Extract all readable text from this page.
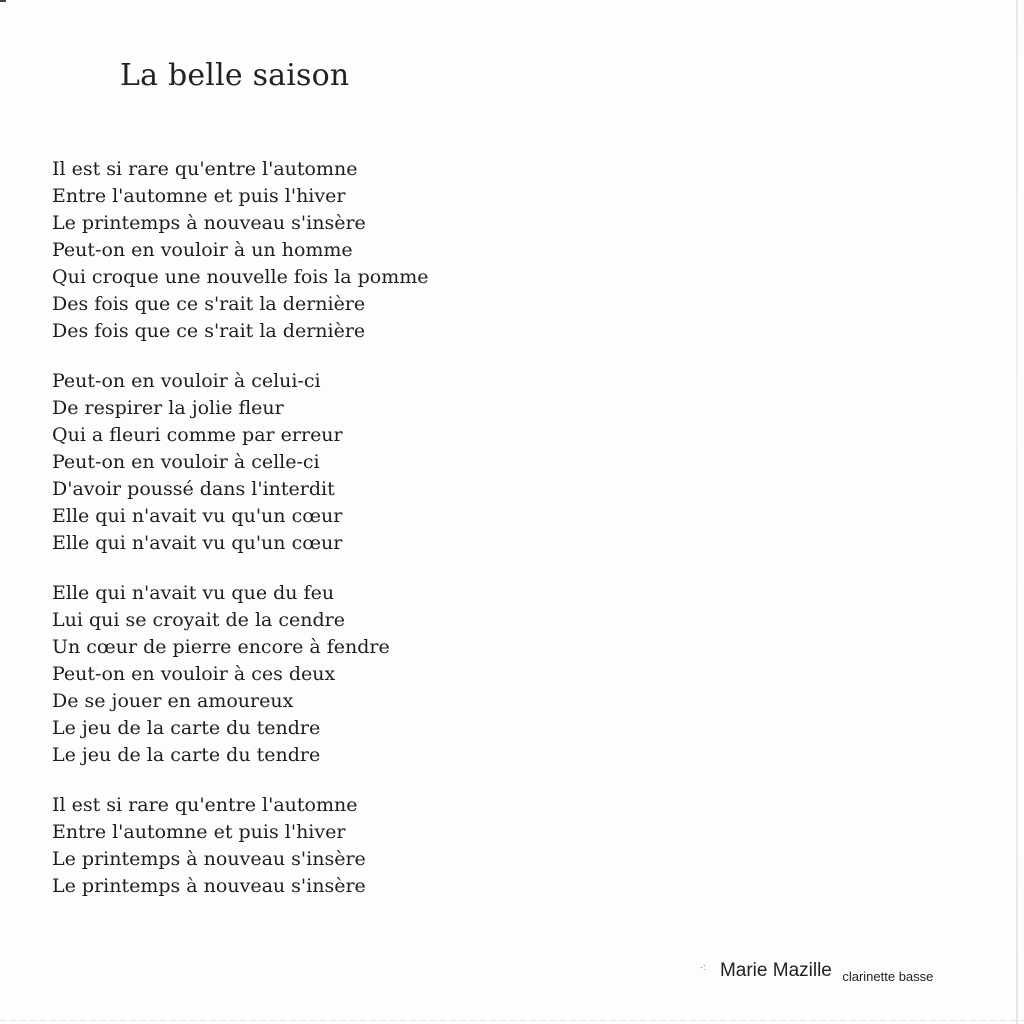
La belle saison
Il est si rare qu'entre l'automne
Entre l'automne et puis l'hiver
Le printemps à nouveau s'insère
Peut-on en vouloir à un homme
Qui croque une nouvelle fois la pomme
Des fois que ce s'rait la dernière
Des fois que ce s'rait la dernière
Peut-on en vouloir à celui-ci
De respirer la jolie fleur
Qui a fleuri comme par erreur
Peut-on en vouloir à celle-ci
D'avoir poussé dans l'interdit
Elle qui n'avait vu qu'un cœur
Elle qui n'avait vu qu'un cœur
Elle qui n'avait vu que du feu
Lui qui se croyait de la cendre
Un cœur de pierre encore à fendre
Peut-on en vouloir à ces deux
De se jouer en amoureux
Le jeu de la carte du tendre
Le jeu de la carte du tendre
Il est si rare qu'entre l'automne
Entre l'automne et puis l'hiver
Le printemps à nouveau s'insère
Le printemps à nouveau s'insère
·: Marie Mazille $_{clarinette basse}$
